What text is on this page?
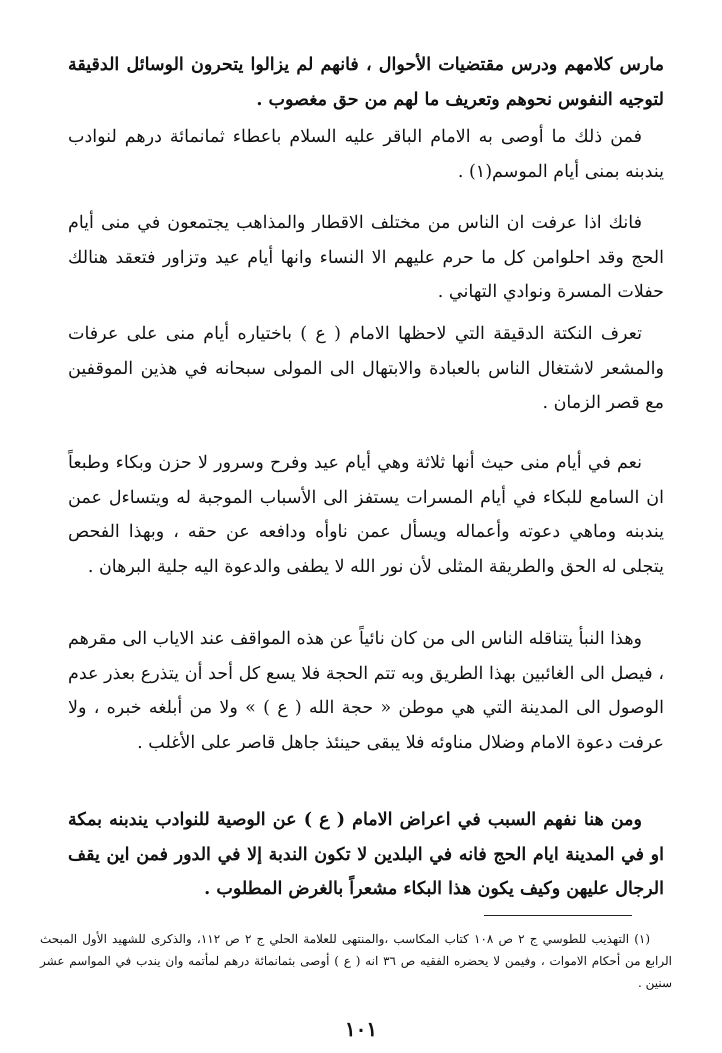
مارس كلامهم ودرس مقتضيات الأحوال ، فانهم لم يزالوا يتحرون الوسائل الدقيقة لتوجيه النفوس نحوهم وتعريف ما لهم من حق مغصوب .

فمن ذلك ما أوصى به الامام الباقر عليه السلام باعطاء ثمانمائة درهم لنوادب يندبنه بمنى أيام الموسم(١) .

فانك اذا عرفت ان الناس من مختلف الاقطار والمذاهب يجتمعون في منى أيام الحج وقد احلوامن كل ما حرم عليهم الا النساء وانها أيام عيد وتزاور فتعقد هنالك حفلات المسرة ونوادي التهاني .

تعرف النكتة الدقيقة التي لاحظها الامام ( ع ) باختياره أيام منى على عرفات والمشعر لاشتغال الناس بالعبادة والابتهال الى المولى سبحانه في هذين الموقفين مع قصر الزمان .

نعم في أيام منى حيث أنها ثلاثة وهي أيام عيد وفرح وسرور لا حزن وبكاء وطبعاً ان السامع للبكاء في أيام المسرات يستفز الى الأسباب الموجبة له ويتساءل عمن يندبنه وماهي دعوته وأعماله ويسأل عمن ناوأه ودافعه عن حقه ، وبهذا الفحص يتجلى له الحق والطريقة المثلى لأن نور الله لا يطفى والدعوة اليه جلية البرهان .

وهذا النبأ يتناقله الناس الى من كان نائياً عن هذه المواقف عند الاياب الى مقرهم ، فيصل الى الغائبين بهذا الطريق وبه تتم الحجة فلا يسع كل أحد أن يتذرع بعذر عدم الوصول الى المدينة التي هي موطن « حجة الله ( ع ) » ولا من أبلغه خبره ، ولا عرفت دعوة الامام وضلال مناوئه فلا يبقى حينئذ جاهل قاصر على الأغلب .

ومن هنا نفهم السبب في اعراض الامام ( ع ) عن الوصية للنوادب يندبنه بمكة او في المدينة ايام الحج فانه في البلدين لا تكون الندبة إلا في الدور فمن اين يقف الرجال عليهن وكيف يكون هذا البكاء مشعراً بالغرض المطلوب .

(١) التهذيب للطوسي ج ٢ ص ١٠٨ كتاب المكاسب ،والمنتهى للعلامة الحلي ج ٢ ص ١١٢، والذكرى للشهيد الأول المبحث الرابع من أحكام الاموات ، وفيمن لا يحضره الفقيه ص ٣٦ انه ( ع ) أوصى بثمانمائة درهم لمأتمه وان يندب في المواسم عشر سنين .

١٠١
